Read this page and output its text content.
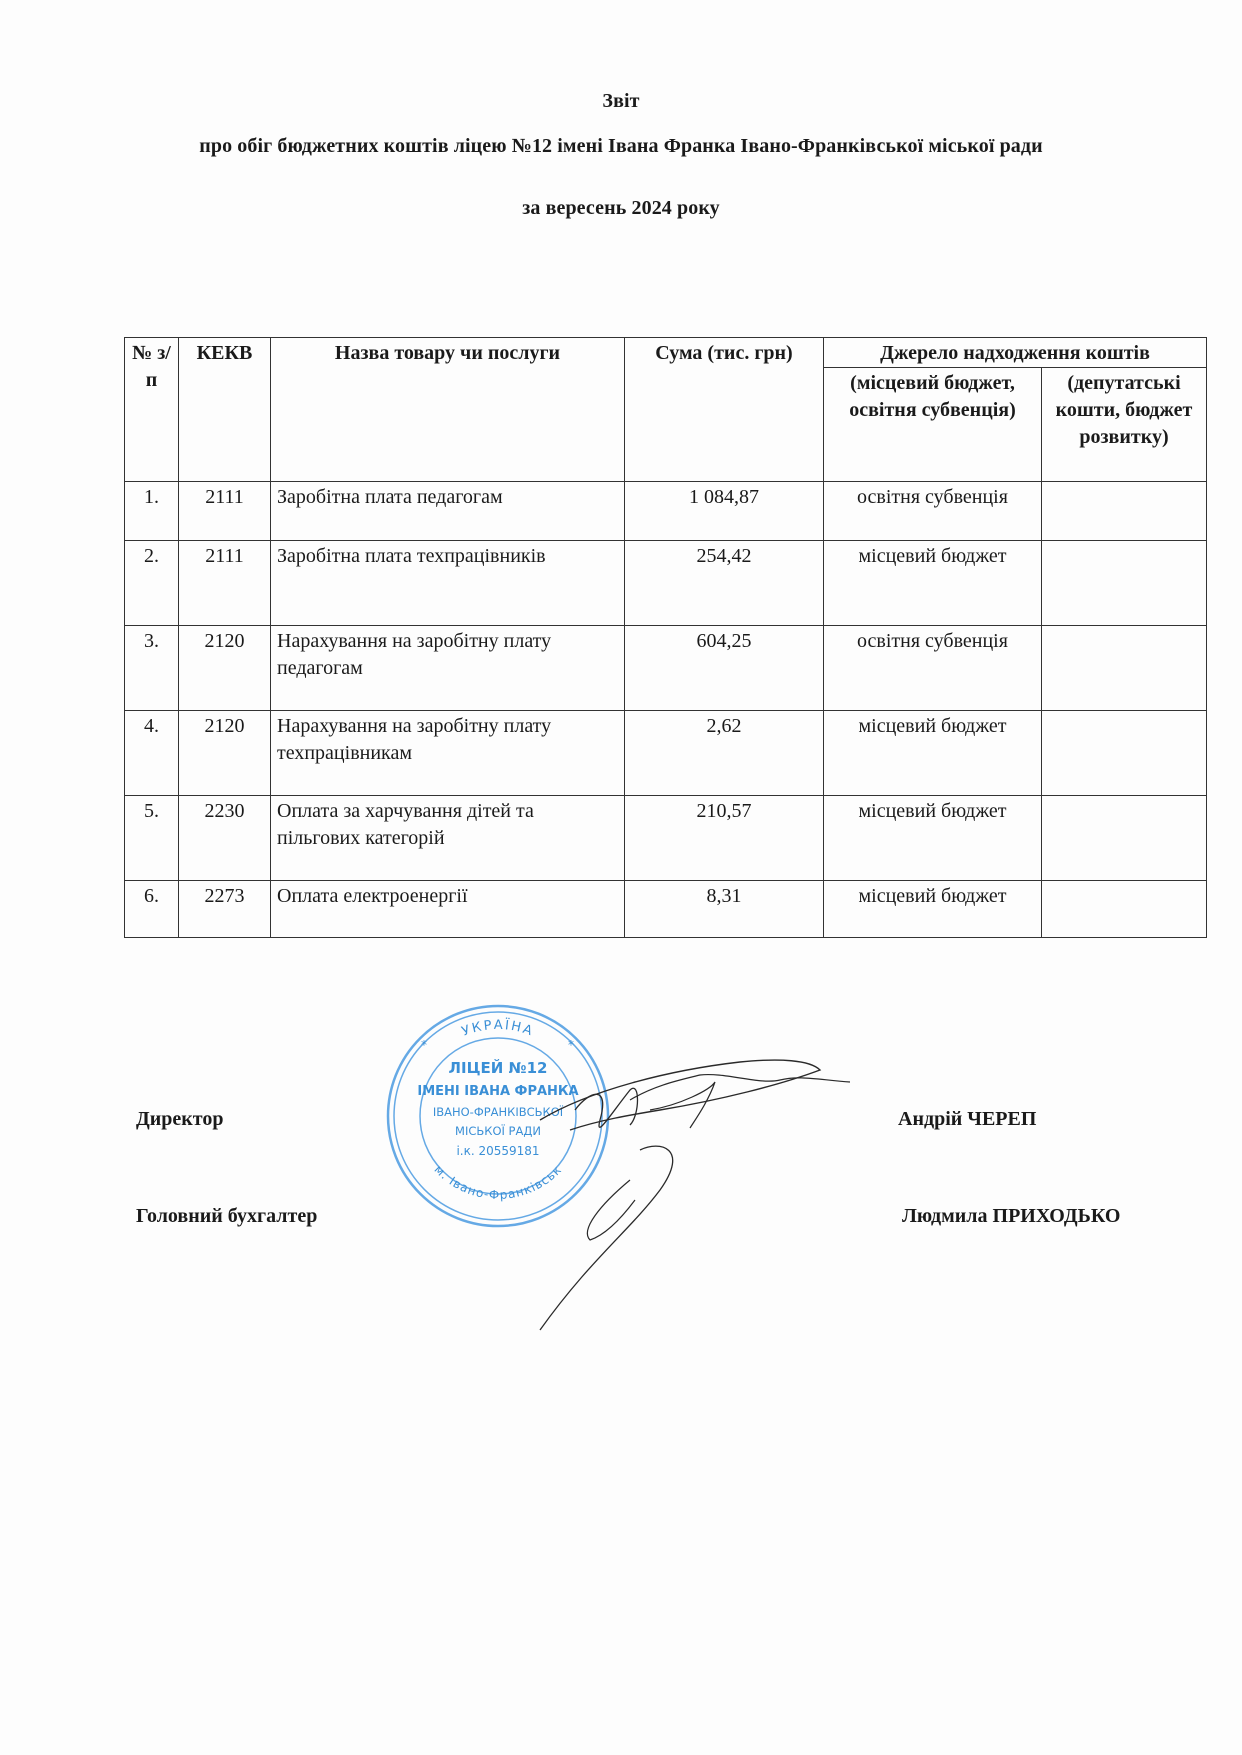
Звіт
про обіг бюджетних коштів ліцею №12 імені Івана Франка Івано-Франківської міської ради
за вересень 2024 року
№ з/п	КЕКВ	Назва товару чи послуги	Сума (тис. грн)	Джерело надходження коштів	
				(місцевий бюджет, освітня субвенція)	(депутатські кошти, бюджет розвитку)
1.	2111	Заробітна плата педагогам	1 084,87	освітня субвенція	
2.	2111	Заробітна плата техпрацівників	254,42	місцевий бюджет	
3.	2120	Нарахування на заробітну плату педагогам	604,25	освітня субвенція	
4.	2120	Нарахування на заробітну плату техпрацівникам	2,62	місцевий бюджет	
5.	2230	Оплата за харчування дітей та пільгових категорій	210,57	місцевий бюджет	
6.	2273	Оплата електроенергії	8,31	місцевий бюджет	
Директор	Андрій ЧЕРЕП
Головний бухгалтер	Людмила ПРИХОДЬКО
УКРАЇНА
м. Івано-Франківськ
ЛІЦЕЙ №12
ІМЕНІ ІВАНА ФРАНКА
ІВАНО-ФРАНКІВСЬКОЇ
МІСЬКОЇ РАДИ
і.к. 20559181
*	*
